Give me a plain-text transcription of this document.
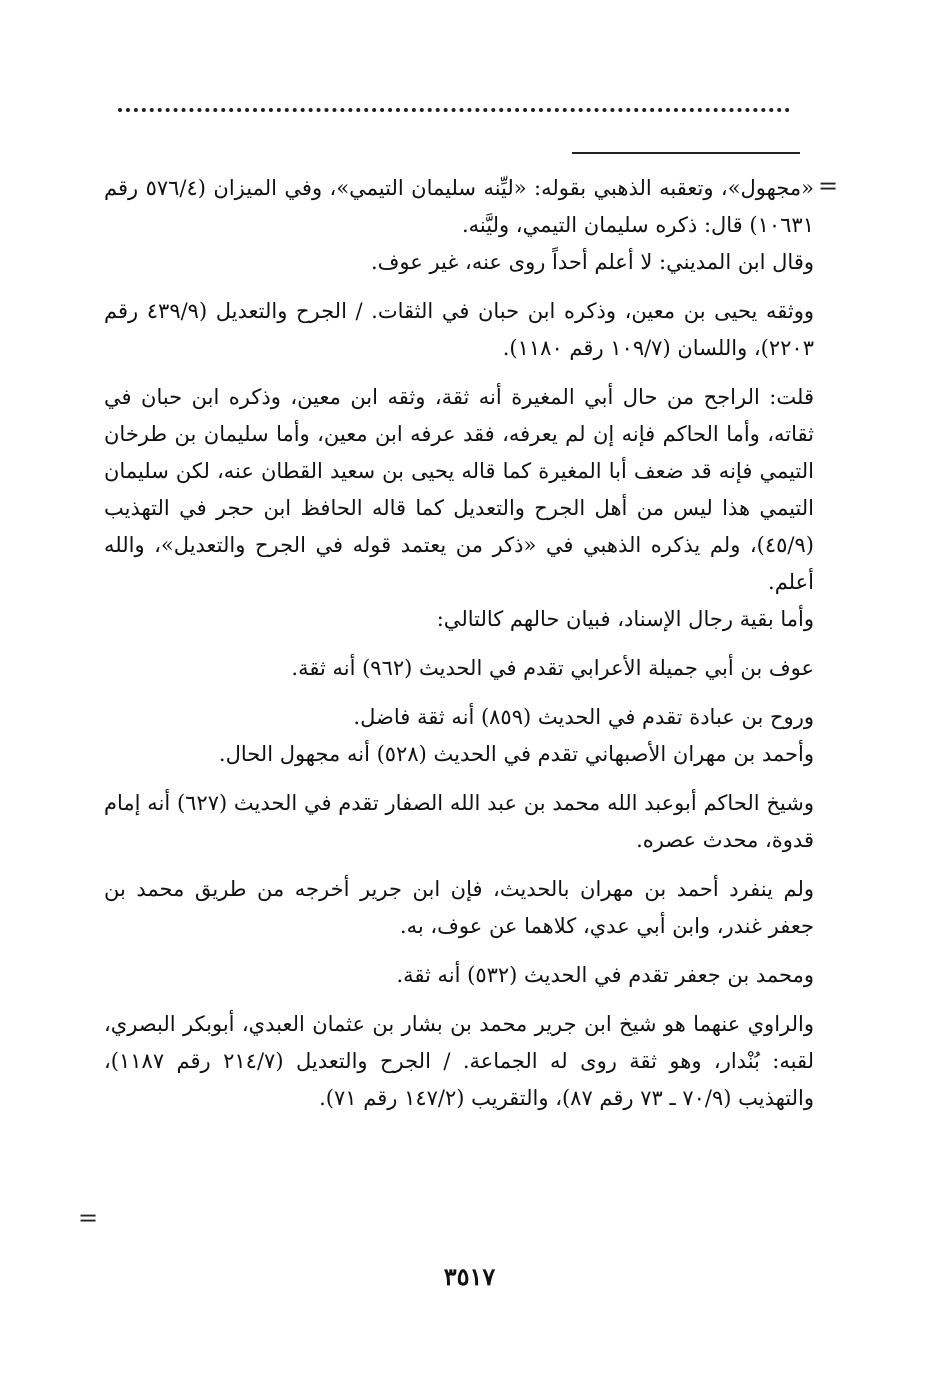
=

«مجهول»، وتعقبه الذهبي بقوله: «ليِّنه سليمان التيمي»، وفي الميزان (٥٧٦/٤ رقم ١٠٦٣١) قال: ذكره سليمان التيمي، وليَّنه.

وقال ابن المديني: لا أعلم أحداً روى عنه، غير عوف.

ووثقه يحيى بن معين، وذكره ابن حبان في الثقات. / الجرح والتعديل (٤٣٩/٩ رقم ٢٢٠٣)، واللسان (١٠٩/٧ رقم ١١٨٠).

قلت: الراجح من حال أبي المغيرة أنه ثقة، وثقه ابن معين، وذكره ابن حبان في ثقاته، وأما الحاكم فإنه إن لم يعرفه، فقد عرفه ابن معين، وأما سليمان بن طرخان التيمي فإنه قد ضعف أبا المغيرة كما قاله يحيى بن سعيد القطان عنه، لكن سليمان التيمي هذا ليس من أهل الجرح والتعديل كما قاله الحافظ ابن حجر في التهذيب (٤٥/٩)، ولم يذكره الذهبي في «ذكر من يعتمد قوله في الجرح والتعديل»، والله أعلم.

وأما بقية رجال الإسناد، فبيان حالهم كالتالي:

عوف بن أبي جميلة الأعرابي تقدم في الحديث (٩٦٢) أنه ثقة.

وروح بن عبادة تقدم في الحديث (٨٥٩) أنه ثقة فاضل.

وأحمد بن مهران الأصبهاني تقدم في الحديث (٥٢٨) أنه مجهول الحال.

وشيخ الحاكم أبوعبد الله محمد بن عبد الله الصفار تقدم في الحديث (٦٢٧) أنه إمام قدوة، محدث عصره.

ولم ينفرد أحمد بن مهران بالحديث، فإن ابن جرير أخرجه من طريق محمد بن جعفر غندر، وابن أبي عدي، كلاهما عن عوف، به.

ومحمد بن جعفر تقدم في الحديث (٥٣٢) أنه ثقة.

والراوي عنهما هو شيخ ابن جرير محمد بن بشار بن عثمان العبدي، أبوبكر البصري، لقبه: بُنْدار، وهو ثقة روى له الجماعة. / الجرح والتعديل (٢١٤/٧ رقم ١١٨٧)، والتهذيب (٧٠/٩ ـ ٧٣ رقم ٨٧)، والتقريب (١٤٧/٢ رقم ٧١).

=
٣٥١٧
